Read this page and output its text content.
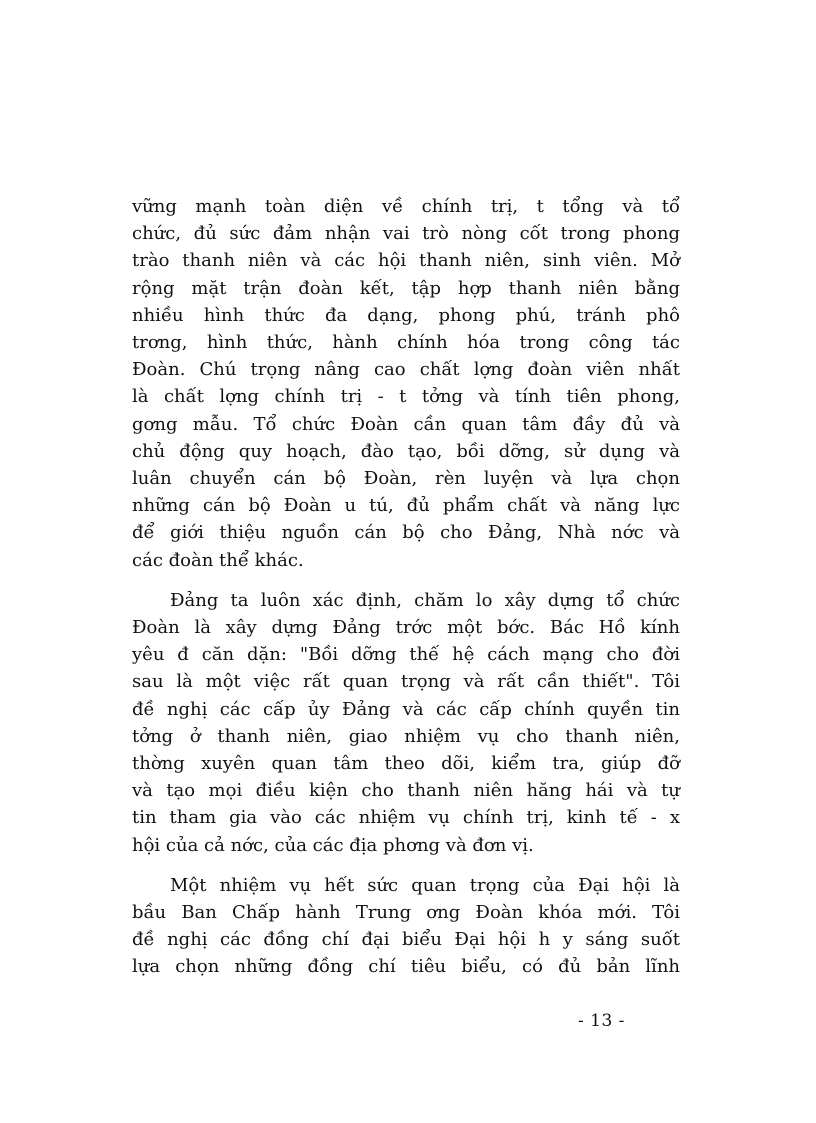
vững mạnh toàn diện về chính trị, t tổng và tổ
chức, đủ sức đảm nhận vai trò nòng cốt trong phong
trào thanh niên và các hội thanh niên, sinh viên. Mở
rộng mặt trận đoàn kết, tập hợp thanh niên bằng
nhiều hình thức đa dạng, phong phú, tránh phô
trơng, hình thức, hành chính hóa trong công tác
Đoàn. Chú trọng nâng cao chất lợng đoàn viên nhất
là chất lợng chính trị - t tởng và tính tiên phong,
gơng mẫu. Tổ chức Đoàn cần quan tâm đầy đủ và
chủ động quy hoạch, đào tạo, bồi dỡng, sử dụng và
luân chuyển cán bộ Đoàn, rèn luyện và lựa chọn
những cán bộ Đoàn u tú, đủ phẩm chất và năng lực
để giới thiệu nguồn cán bộ cho Đảng, Nhà nớc và
các đoàn thể khác.

Đảng ta luôn xác định, chăm lo xây dựng tổ chức
Đoàn là xây dựng Đảng trớc một bớc. Bác Hồ kính
yêu đ căn dặn: "Bồi dỡng thế hệ cách mạng cho đời
sau là một việc rất quan trọng và rất cần thiết". Tôi
đề nghị các cấp ủy Đảng và các cấp chính quyền tin
tởng ở thanh niên, giao nhiệm vụ cho thanh niên,
thờng xuyên quan tâm theo dõi, kiểm tra, giúp đỡ
và tạo mọi điều kiện cho thanh niên hăng hái và tự
tin tham gia vào các nhiệm vụ chính trị, kinh tế - x
hội của cả nớc, của các địa phơng và đơn vị.

Một nhiệm vụ hết sức quan trọng của Đại hội là
bầu Ban Chấp hành Trung ơng Đoàn khóa mới. Tôi
đề nghị các đồng chí đại biểu Đại hội h y sáng suốt
lựa chọn những đồng chí tiêu biểu, có đủ bản lĩnh

- 13 -
